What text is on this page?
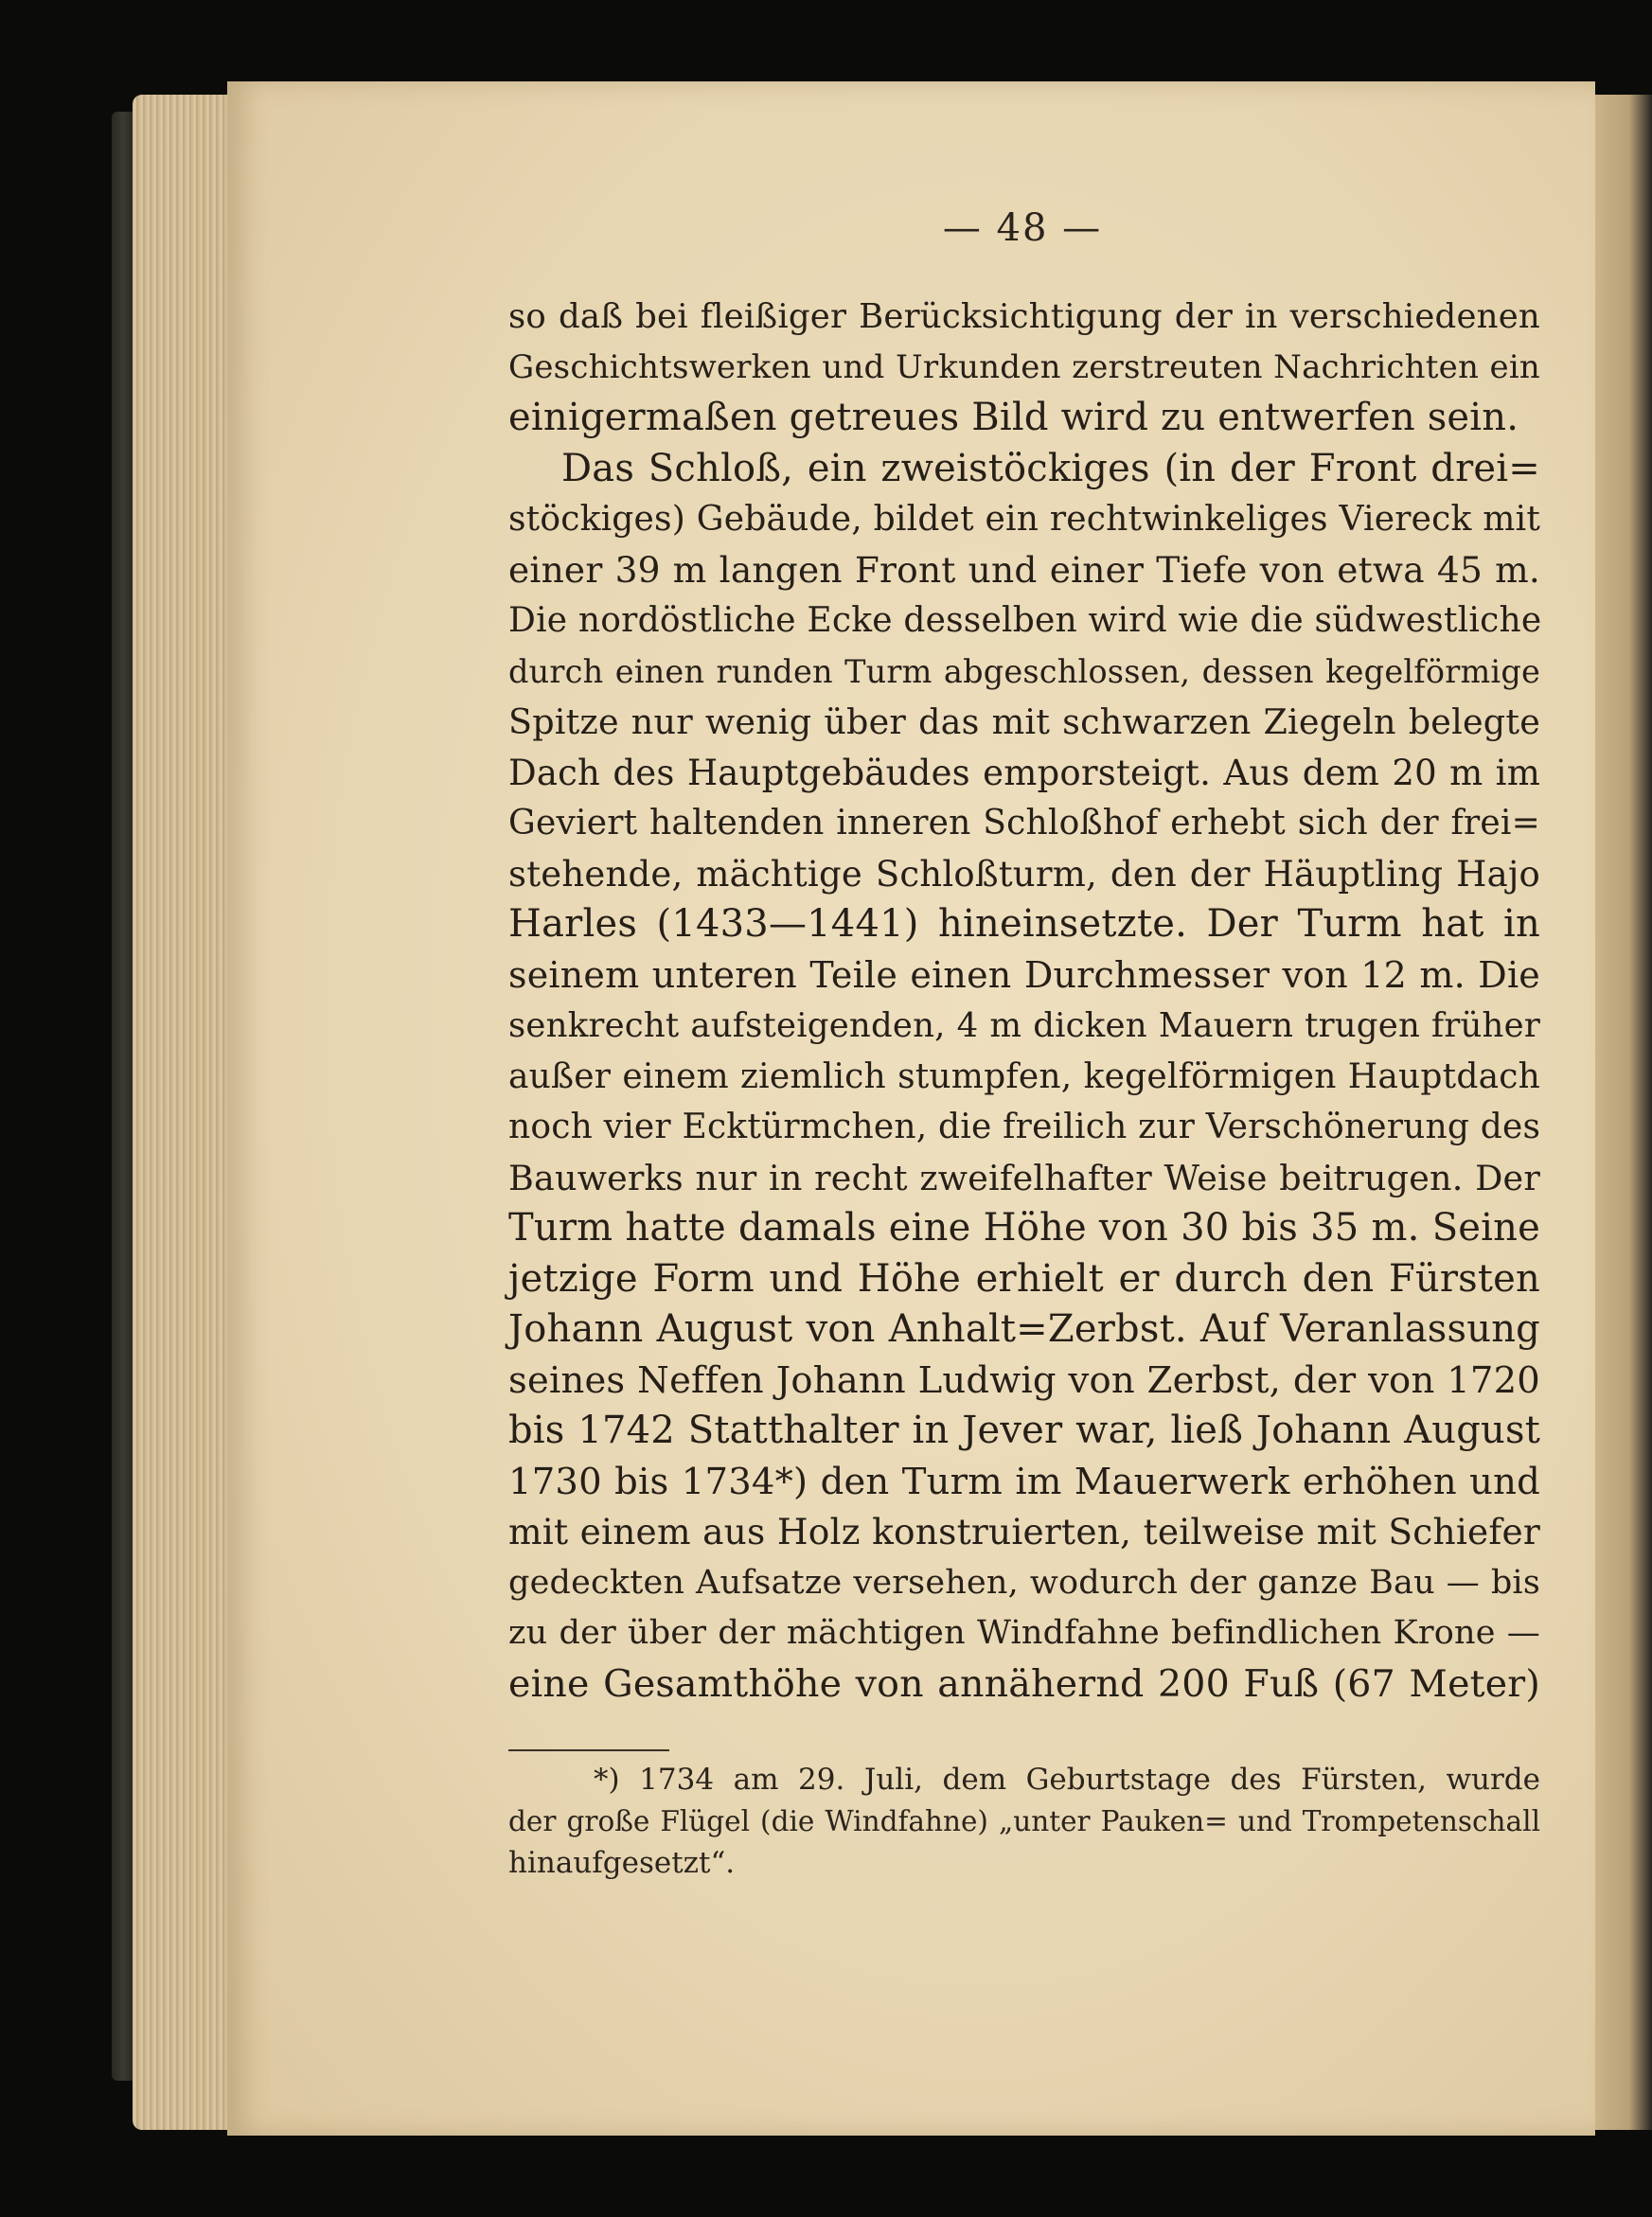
— 48 —
so daß bei fleißiger Berücksichtigung der in verschiedenen
Geschichtswerken und Urkunden zerstreuten Nachrichten ein
einigermaßen getreues Bild wird zu entwerfen sein.
Das Schloß, ein zweistöckiges (in der Front drei=
stöckiges) Gebäude, bildet ein rechtwinkeliges Viereck mit
einer 39 m langen Front und einer Tiefe von etwa 45 m.
Die nordöstliche Ecke desselben wird wie die südwestliche
durch einen runden Turm abgeschlossen, dessen kegelförmige
Spitze nur wenig über das mit schwarzen Ziegeln belegte
Dach des Hauptgebäudes emporsteigt. Aus dem 20 m im
Geviert haltenden inneren Schloßhof erhebt sich der frei=
stehende, mächtige Schloßturm, den der Häuptling Hajo
Harles (1433—1441) hineinsetzte. Der Turm hat in
seinem unteren Teile einen Durchmesser von 12 m. Die
senkrecht aufsteigenden, 4 m dicken Mauern trugen früher
außer einem ziemlich stumpfen, kegelförmigen Hauptdach
noch vier Ecktürmchen, die freilich zur Verschönerung des
Bauwerks nur in recht zweifelhafter Weise beitrugen. Der
Turm hatte damals eine Höhe von 30 bis 35 m. Seine
jetzige Form und Höhe erhielt er durch den Fürsten
Johann August von Anhalt=Zerbst. Auf Veranlassung
seines Neffen Johann Ludwig von Zerbst, der von 1720
bis 1742 Statthalter in Jever war, ließ Johann August
1730 bis 1734*) den Turm im Mauerwerk erhöhen und
mit einem aus Holz konstruierten, teilweise mit Schiefer
gedeckten Aufsatze versehen, wodurch der ganze Bau — bis
zu der über der mächtigen Windfahne befindlichen Krone —
eine Gesamthöhe von annähernd 200 Fuß (67 Meter)
*) 1734 am 29. Juli, dem Geburtstage des Fürsten, wurde
der große Flügel (die Windfahne) „unter Pauken= und Trompetenschall
hinaufgesetzt“.
